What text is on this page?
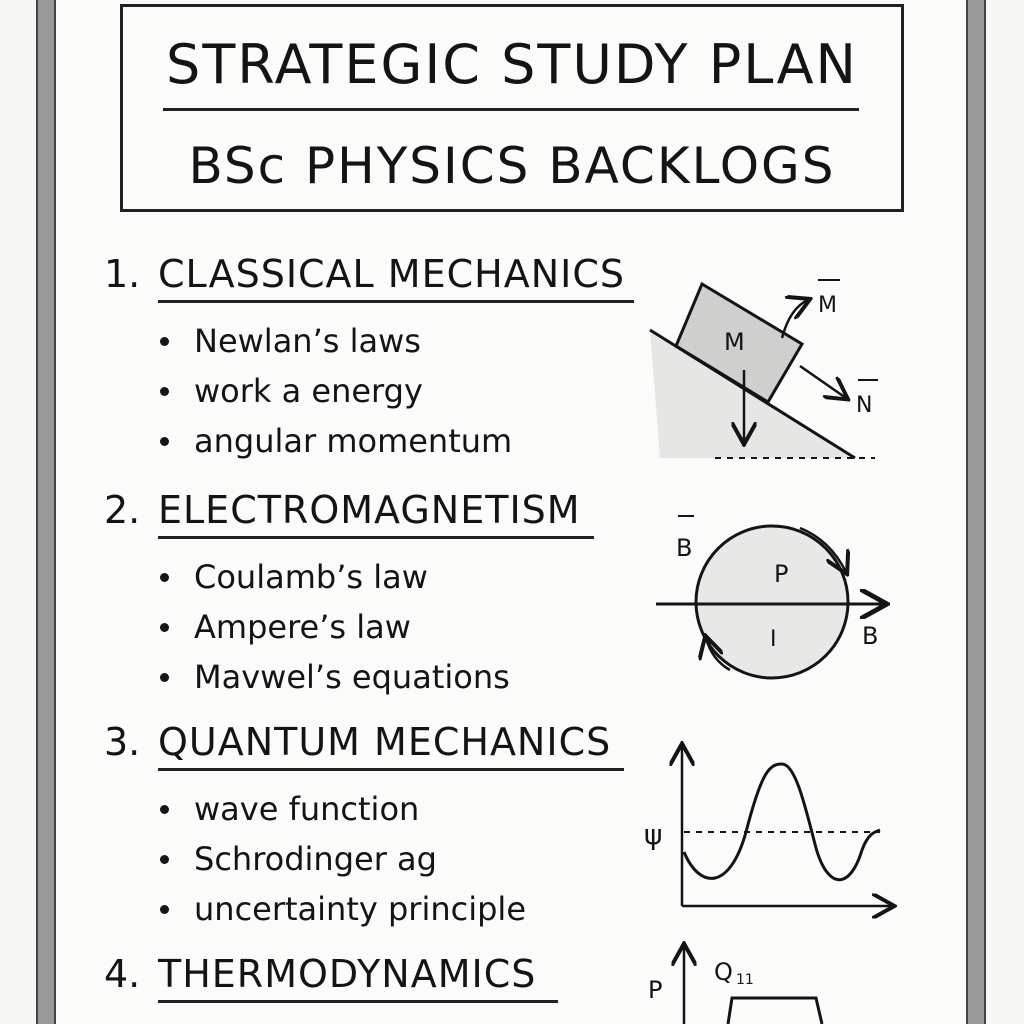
STRATEGIC STUDY PLAN
BSc PHYSICS BACKLOGS
1. CLASSICAL MECHANICS
Newlan’s laws
work a energy
angular momentum
2. ELECTROMAGNETISM
Coulamb’s law
Ampere’s law
Mavwel’s equations
3. QUANTUM MECHANICS
wave function
Schrodinger ag
uncertainty principle
4. THERMODYNAMICS
M
M
N
B
P
I	B
ψ
P
Q 11
